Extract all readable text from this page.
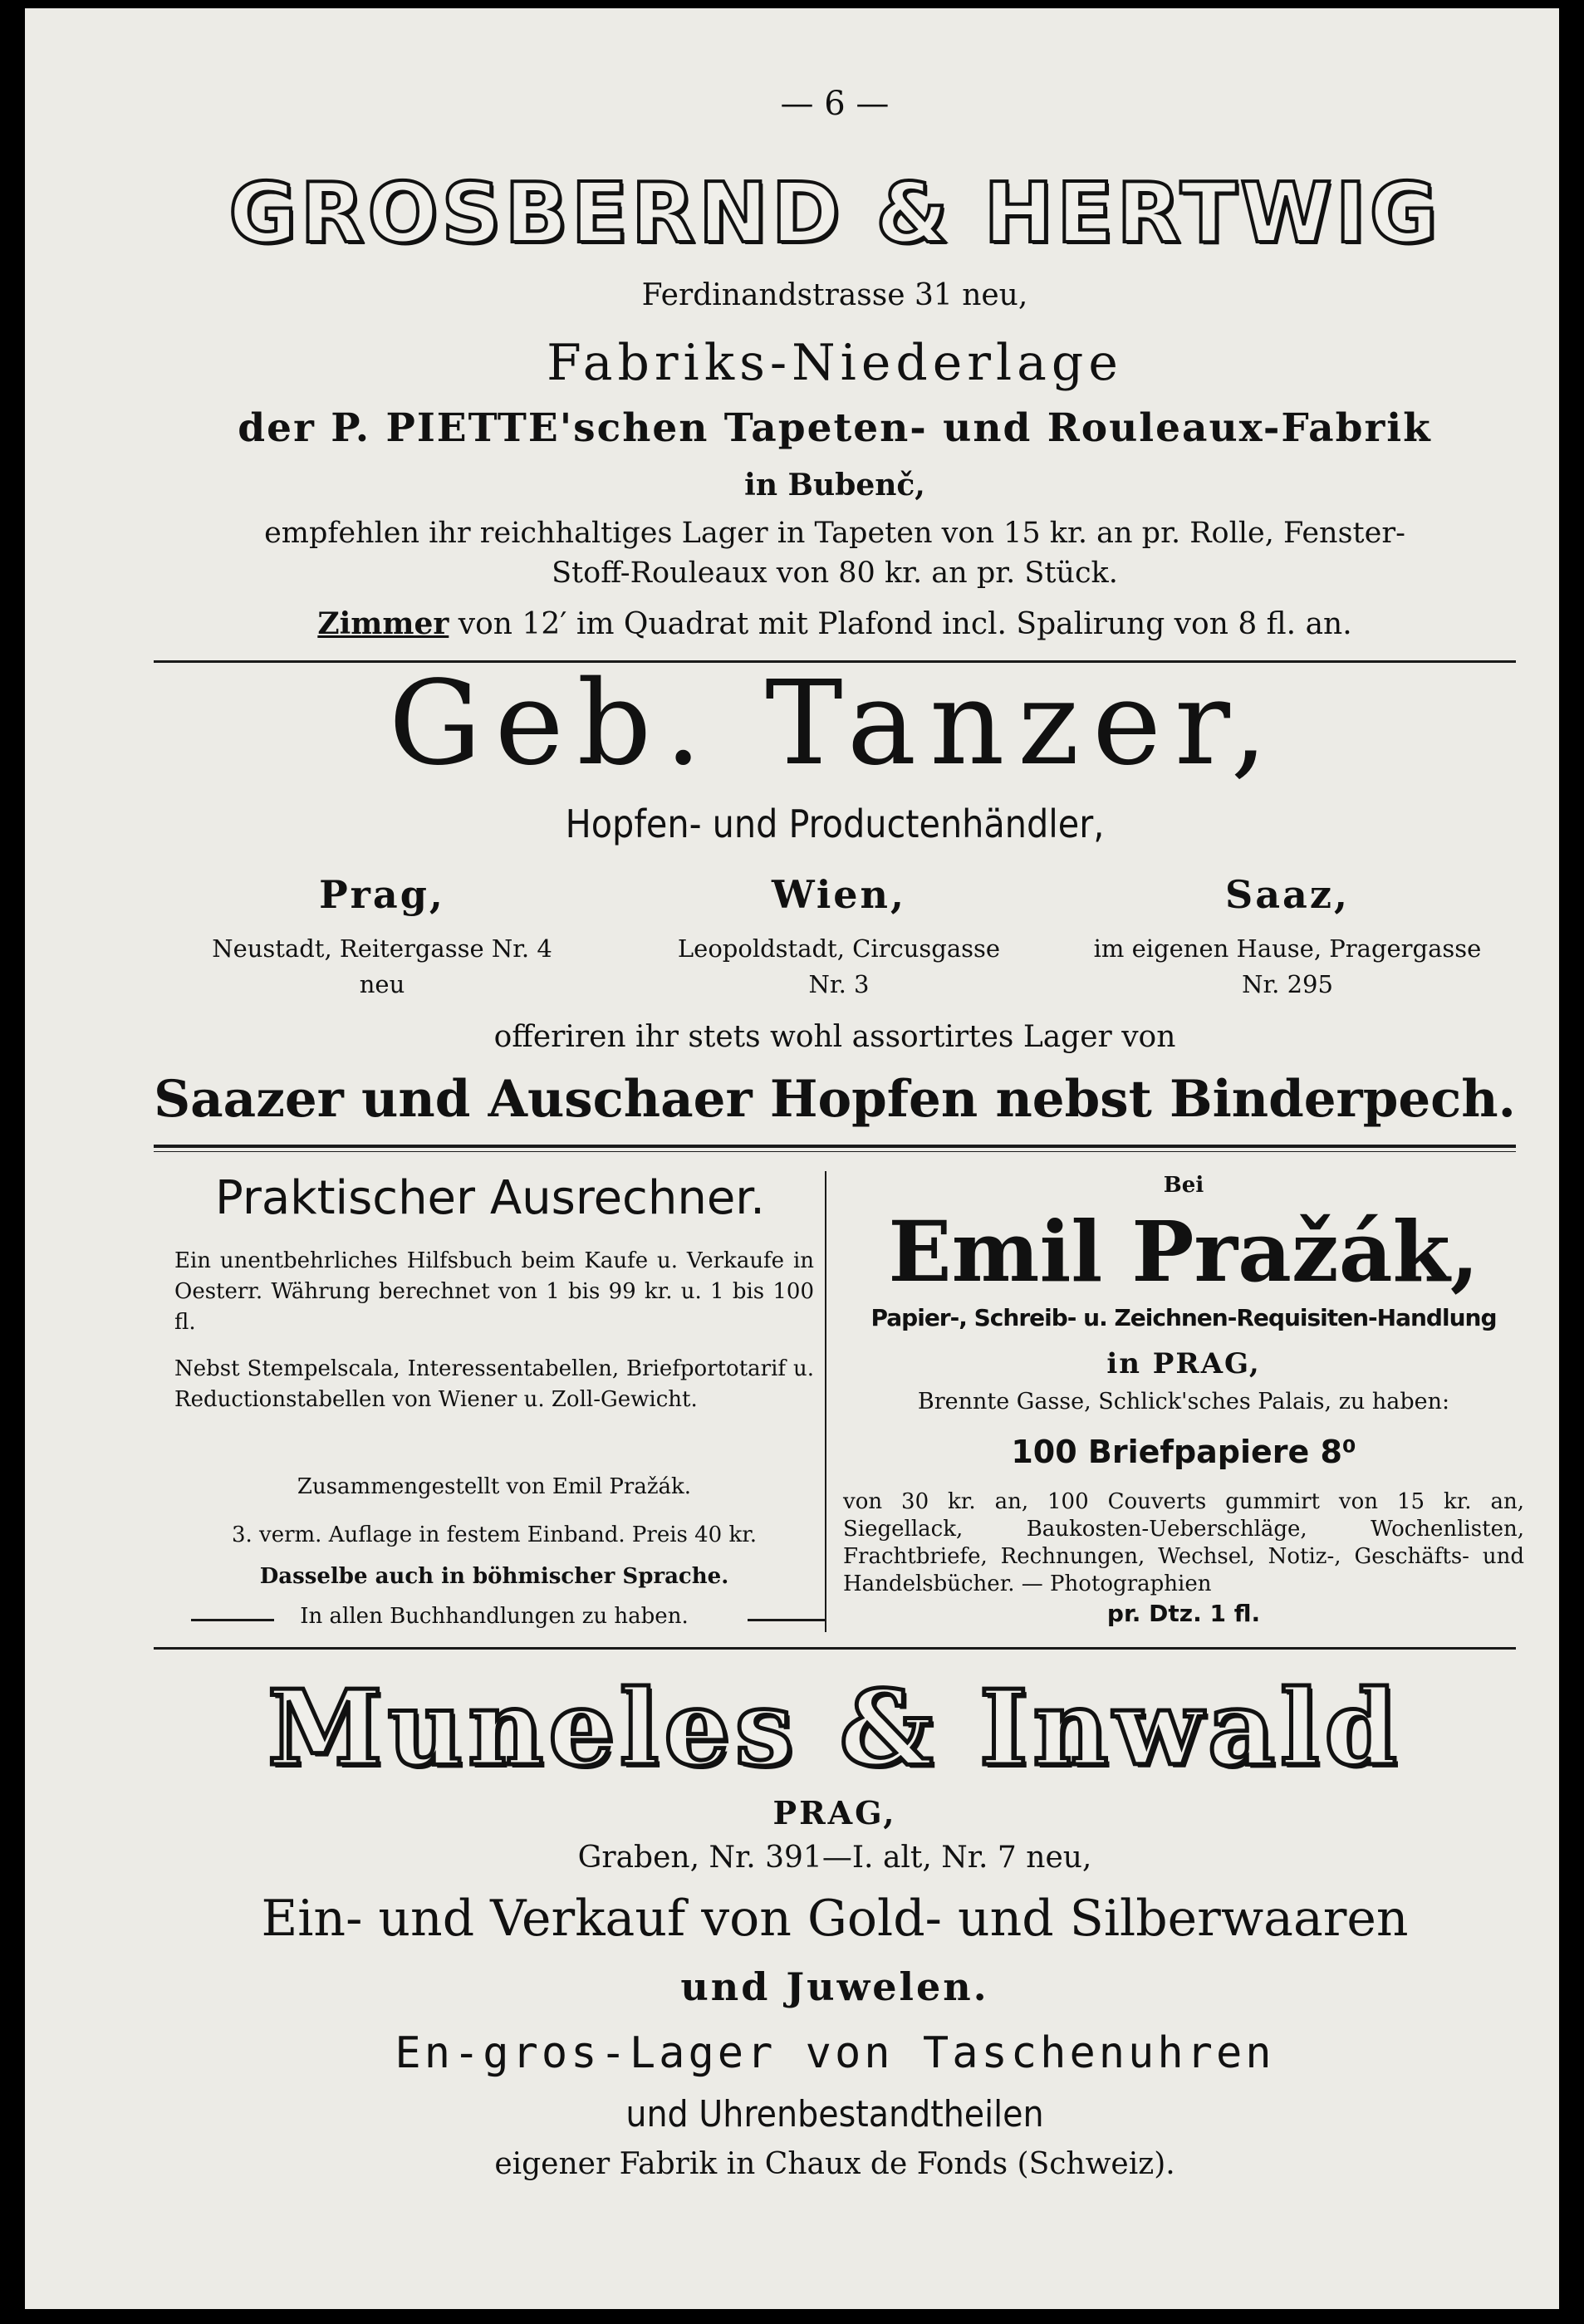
— 6 —
GROSBERND & HERTWIG
Ferdinandstrasse 31 neu,
Fabriks-Niederlage
der P. PIETTE'schen Tapeten- und Rouleaux-Fabrik
in Bubenč,
empfehlen ihr reichhaltiges Lager in Tapeten von 15 kr. an pr. Rolle, Fenster-
Stoff-Rouleaux von 80 kr. an pr. Stück.
Zimmer von 12′ im Quadrat mit Plafond incl. Spalirung von 8 fl. an.
Geb. Tanzer,
Hopfen- und Productenhändler,
Prag,
Neustadt, Reitergasse Nr. 4
neu
Wien,
Leopoldstadt, Circusgasse
Nr. 3
Saaz,
im eigenen Hause, Pragergasse
Nr. 295
offeriren ihr stets wohl assortirtes Lager von
Saazer und Auschaer Hopfen nebst Binderpech.
Praktischer Ausrechner.
Ein unentbehrliches Hilfsbuch beim Kaufe u. Verkaufe in Oesterr. Währung berechnet von 1 bis 99 kr. u. 1 bis 100 fl.
Nebst Stempelscala, Interessentabellen, Briefportotarif u. Reductionstabellen von Wiener u. Zoll-Gewicht.
Zusammengestellt von Emil Pražák.
3. verm. Auflage in festem Einband. Preis 40 kr.
Dasselbe auch in böhmischer Sprache.
In allen Buchhandlungen zu haben.
Bei
Emil Pražák,
Papier-, Schreib- u. Zeichnen-Requisiten-Handlung
in PRAG,
Brennte Gasse, Schlick'sches Palais, zu haben:
100 Briefpapiere 8⁰
von 30 kr. an, 100 Couverts gummirt von 15 kr. an, Siegellack, Baukosten-Ueberschläge, Wochenlisten, Frachtbriefe, Rechnungen, Wechsel, Notiz-, Geschäfts- und Handelsbücher. — Photographien
pr. Dtz. 1 fl.
Muneles & Inwald
PRAG,
Graben, Nr. 391—I. alt, Nr. 7 neu,
Ein- und Verkauf von Gold- und Silberwaaren
und Juwelen.
En-gros-Lager von Taschenuhren
und Uhrenbestandtheilen
eigener Fabrik in Chaux de Fonds (Schweiz).
